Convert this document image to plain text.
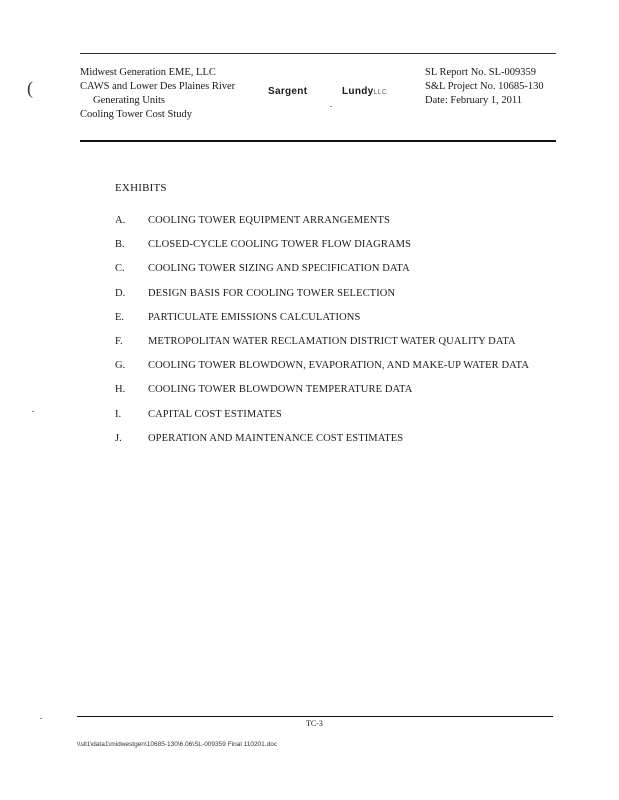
(
Midwest Generation EME, LLC
CAWS and Lower Des Plaines River
Generating Units
Cooling Tower Cost Study
Sargent	LundyLLC
SL Report No. SL-009359
S&L Project No. 10685-130
Date: February 1, 2011
EXHIBITS
A.	COOLING TOWER EQUIPMENT ARRANGEMENTS
B.	CLOSED-CYCLE COOLING TOWER FLOW DIAGRAMS
C.	COOLING TOWER SIZING AND SPECIFICATION DATA
D.	DESIGN BASIS FOR COOLING TOWER SELECTION
E.	PARTICULATE EMISSIONS CALCULATIONS
F.	METROPOLITAN WATER RECLAMATION DISTRICT WATER QUALITY DATA
G.	COOLING TOWER BLOWDOWN, EVAPORATION, AND MAKE-UP WATER DATA
H.	COOLING TOWER BLOWDOWN TEMPERATURE DATA
I.	CAPITAL COST ESTIMATES
J.	OPERATION AND MAINTENANCE COST ESTIMATES
TC-3
\\sll1\data1\midwestgen\10685-130\6.06\SL-009359 Final 110201.doc
